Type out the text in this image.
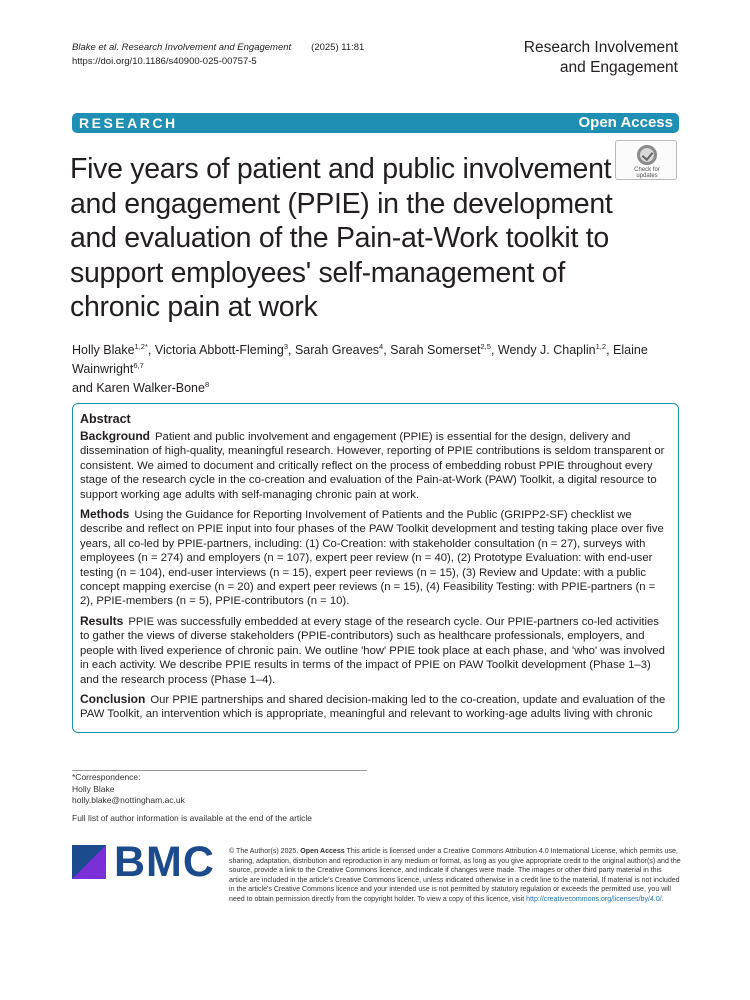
Blake et al. Research Involvement and Engagement (2025) 11:81
https://doi.org/10.1186/s40900-025-00757-5
Research Involvement
and Engagement
RESEARCH	Open Access
Five years of patient and public involvement and engagement (PPIE) in the development and evaluation of the Pain-at-Work toolkit to support employees' self-management of chronic pain at work
Check for
updates
Holly Blake$^{1,2*}$, Victoria Abbott-Fleming$^3$, Sarah Greaves$^4$, Sarah Somerset$^{2,5}$, Wendy J. Chaplin$^{1,2}$, Elaine Wainwright$^{6,7}$
and Karen Walker-Bone$^8$
Abstract

Background Patient and public involvement and engagement (PPIE) is essential for the design, delivery and dissemination of high-quality, meaningful research. However, reporting of PPIE contributions is seldom transparent or consistent. We aimed to document and critically reflect on the process of embedding robust PPIE throughout every stage of the research cycle in the co-creation and evaluation of the Pain-at-Work (PAW) Toolkit, a digital resource to support working age adults with self-managing chronic pain at work.

Methods Using the Guidance for Reporting Involvement of Patients and the Public (GRIPP2-SF) checklist we describe and reflect on PPIE input into four phases of the PAW Toolkit development and testing taking place over five years, all co-led by PPIE-partners, including: (1) Co-Creation: with stakeholder consultation (n = 27), surveys with employees (n = 274) and employers (n = 107), expert peer review (n = 40), (2) Prototype Evaluation: with end-user testing (n = 104), end-user interviews (n = 15), expert peer reviews (n = 15), (3) Review and Update: with a public concept mapping exercise (n = 20) and expert peer reviews (n = 15), (4) Feasibility Testing: with PPIE-partners (n = 2), PPIE-members (n = 5), PPIE-contributors (n = 10).

Results PPIE was successfully embedded at every stage of the research cycle. Our PPIE-partners co-led activities to gather the views of diverse stakeholders (PPIE-contributors) such as healthcare professionals, employers, and people with lived experience of chronic pain. We outline 'how' PPIE took place at each phase, and 'who' was involved in each activity. We describe PPIE results in terms of the impact of PPIE on PAW Toolkit development (Phase 1–3) and the research process (Phase 1–4).

Conclusion Our PPIE partnerships and shared decision-making led to the co-creation, update and evaluation of the PAW Toolkit, an intervention which is appropriate, meaningful and relevant to working-age adults living with chronic

*Correspondence:
Holly Blake
holly.blake@nottingham.ac.uk
Full list of author information is available at the end of the article
BMC © The Author(s) 2025. Open Access This article is licensed under a Creative Commons Attribution 4.0 International License, which permits use, sharing, adaptation, distribution and reproduction in any medium or format, as long as you give appropriate credit to the original author(s) and the source, provide a link to the Creative Commons licence, and indicate if changes were made. The images or other third party material in this article are included in the article's Creative Commons licence, unless indicated otherwise in a credit line to the material. If material is not included in the article's Creative Commons licence and your intended use is not permitted by statutory regulation or exceeds the permitted use, you will need to obtain permission directly from the copyright holder. To view a copy of this licence, visit http://creativecommons.org/licenses/by/4.0/.
